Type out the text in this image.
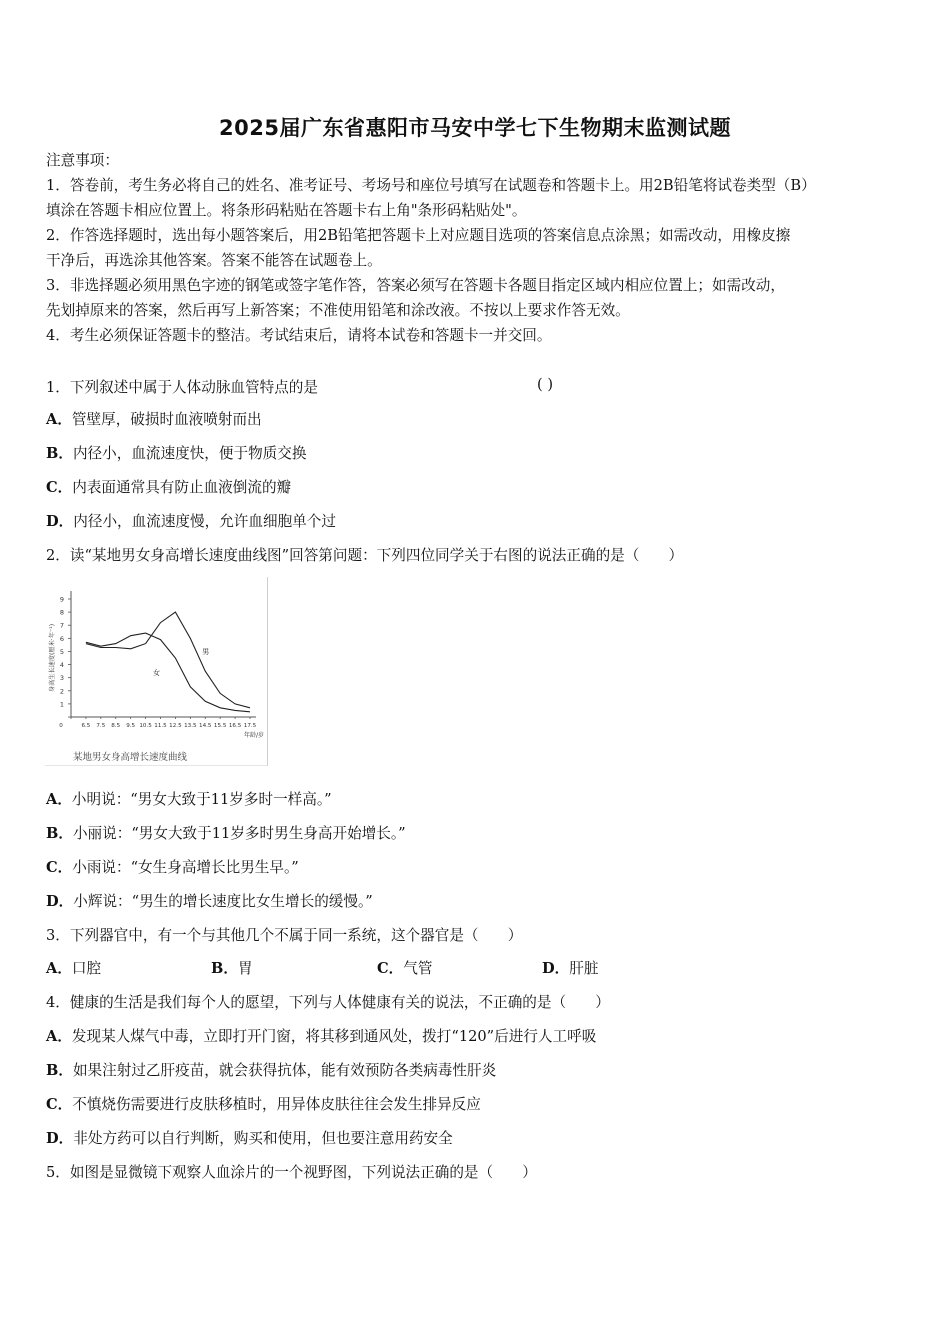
2025届广东省惠阳市马安中学七下生物期末监测试题
注意事项：
1．答卷前，考生务必将自己的姓名、准考证号、考场号和座位号填写在试题卷和答题卡上。用2B铅笔将试卷类型（B）
填涂在答题卡相应位置上。将条形码粘贴在答题卡右上角"条形码粘贴处"。
2．作答选择题时，选出每小题答案后，用2B铅笔把答题卡上对应题目选项的答案信息点涂黑；如需改动，用橡皮擦
干净后，再选涂其他答案。答案不能答在试题卷上。
3．非选择题必须用黑色字迹的钢笔或签字笔作答，答案必须写在答题卡各题目指定区域内相应位置上；如需改动，
先划掉原来的答案，然后再写上新答案；不准使用铅笔和涂改液。不按以上要求作答无效。
4．考生必须保证答题卡的整洁。考试结束后，请将本试卷和答题卡一并交回。
1．下列叙述中属于人体动脉血管特点的是	( )
A．管壁厚，破损时血液喷射而出
B．内径小，血流速度快，便于物质交换
C．内表面通常具有防止血液倒流的瓣
D．内径小，血流速度慢，允许血细胞单个过
2．读“某地男女身高增长速度曲线图”回答第问题：下列四位同学关于右图的说法正确的是（　　）
1
2
3
4
5
6
7
8
9
0	6.5 7.5 8.5 9.5 10.5 11.5 12.5 13.5 14.5 15.5 16.5 17.5
身高生长速度(厘米·年⁻¹)
年龄/岁
男
女
某地男女身高增长速度曲线
A．小明说：“男女大致于11岁多时一样高。”
B．小丽说：“男女大致于11岁多时男生身高开始增长。”
C．小雨说：“女生身高增长比男生早。”
D．小辉说：“男生的增长速度比女生增长的缓慢。”
3．下列器官中，有一个与其他几个不属于同一系统，这个器官是（　　）
A．口腔	B．胃	C．气管	D．肝脏
4．健康的生活是我们每个人的愿望，下列与人体健康有关的说法，不正确的是（　　）
A．发现某人煤气中毒，立即打开门窗，将其移到通风处，拨打“120”后进行人工呼吸
B．如果注射过乙肝疫苗，就会获得抗体，能有效预防各类病毒性肝炎
C．不慎烧伤需要进行皮肤移植时，用异体皮肤往往会发生排异反应
D．非处方药可以自行判断，购买和使用，但也要注意用药安全
5．如图是显微镜下观察人血涂片的一个视野图，下列说法正确的是（　　）
